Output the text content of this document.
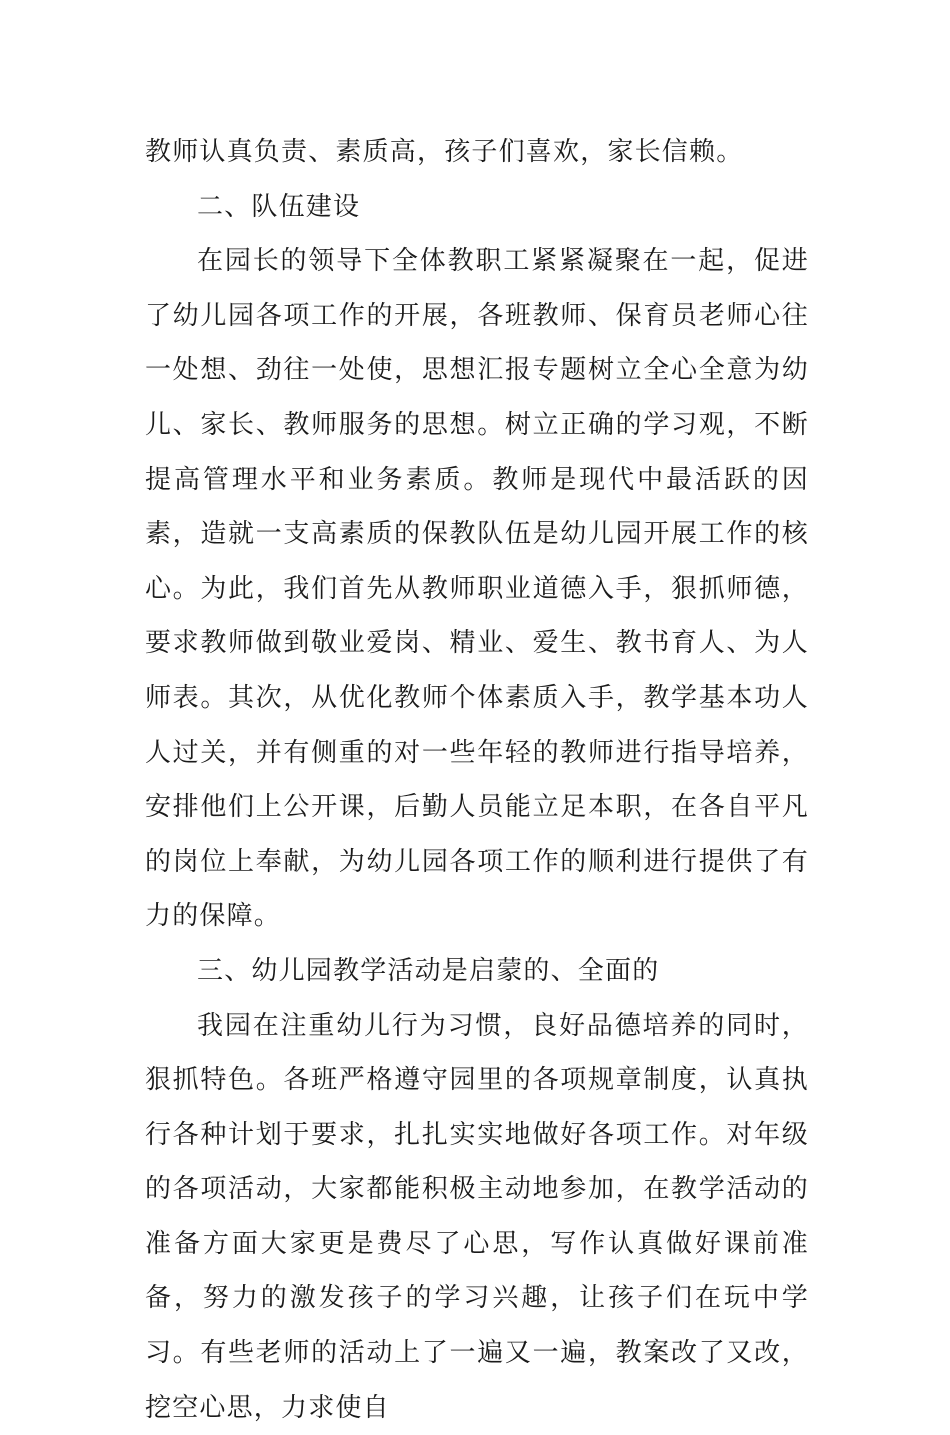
教师认真负责、素质高，孩子们喜欢，家长信赖。

二、队伍建设

在园长的领导下全体教职工紧紧凝聚在一起，促进了幼儿园各项工作的开展，各班教师、保育员老师心往一处想、劲往一处使，思想汇报专题树立全心全意为幼儿、家长、教师服务的思想。树立正确的学习观，不断提高管理水平和业务素质。教师是现代中最活跃的因素，造就一支高素质的保教队伍是幼儿园开展工作的核心。为此，我们首先从教师职业道德入手，狠抓师德，要求教师做到敬业爱岗、精业、爱生、教书育人、为人师表。其次，从优化教师个体素质入手，教学基本功人人过关，并有侧重的对一些年轻的教师进行指导培养，安排他们上公开课，后勤人员能立足本职，在各自平凡的岗位上奉献，为幼儿园各项工作的顺利进行提供了有力的保障。

三、幼儿园教学活动是启蒙的、全面的

我园在注重幼儿行为习惯，良好品德培养的同时，狠抓特色。各班严格遵守园里的各项规章制度，认真执行各种计划于要求，扎扎实实地做好各项工作。对年级的各项活动，大家都能积极主动地参加，在教学活动的准备方面大家更是费尽了心思，写作认真做好课前准备，努力的激发孩子的学习兴趣，让孩子们在玩中学习。有些老师的活动上了一遍又一遍，教案改了又改，挖空心思，力求使自
